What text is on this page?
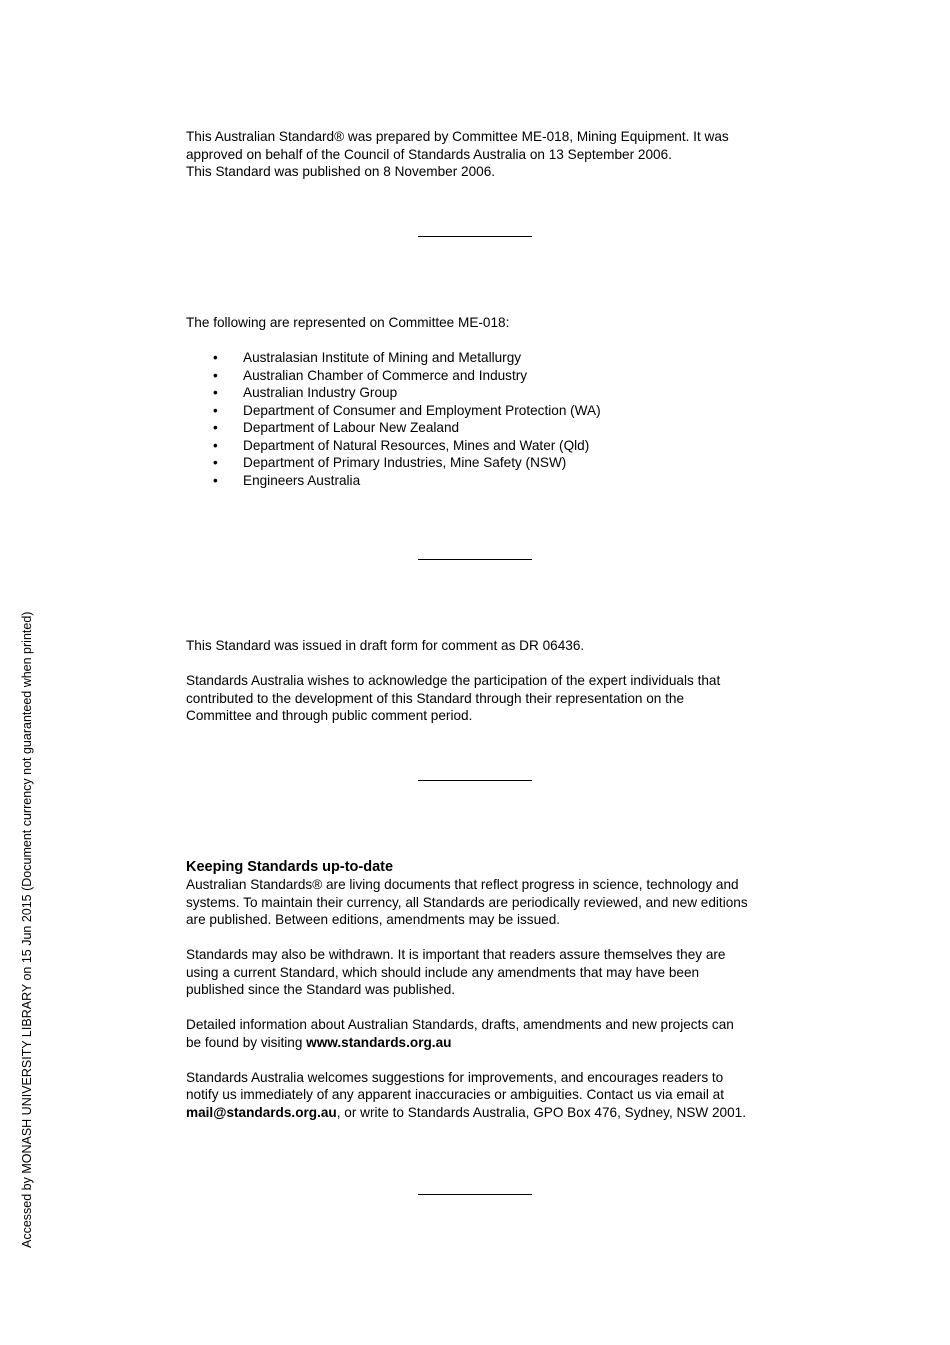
This Australian Standard® was prepared by Committee ME-018, Mining Equipment. It was

approved on behalf of the Council of Standards Australia on 13 September 2006.

This Standard was published on 8 November 2006.

The following are represented on Committee ME-018:

• Australasian Institute of Mining and Metallurgy
• Australian Chamber of Commerce and Industry
• Australian Industry Group
• Department of Consumer and Employment Protection (WA)
• Department of Labour New Zealand
• Department of Natural Resources, Mines and Water (Qld)
• Department of Primary Industries, Mine Safety (NSW)
• Engineers Australia

This Standard was issued in draft form for comment as DR 06436.

Standards Australia wishes to acknowledge the participation of the expert individuals that

contributed to the development of this Standard through their representation on the

Committee and through public comment period.

Keeping Standards up-to-date

Australian Standards® are living documents that reflect progress in science, technology and

systems. To maintain their currency, all Standards are periodically reviewed, and new editions

are published. Between editions, amendments may be issued.

Standards may also be withdrawn. It is important that readers assure themselves they are

using a current Standard, which should include any amendments that may have been

published since the Standard was published.

Detailed information about Australian Standards, drafts, amendments and new projects can

be found by visiting www.standards.org.au

Standards Australia welcomes suggestions for improvements, and encourages readers to

notify us immediately of any apparent inaccuracies or ambiguities. Contact us via email at

mail@standards.org.au, or write to Standards Australia, GPO Box 476, Sydney, NSW 2001.

Accessed by MONASH UNIVERSITY LIBRARY on 15 Jun 2015 (Document currency not guaranteed when printed)
